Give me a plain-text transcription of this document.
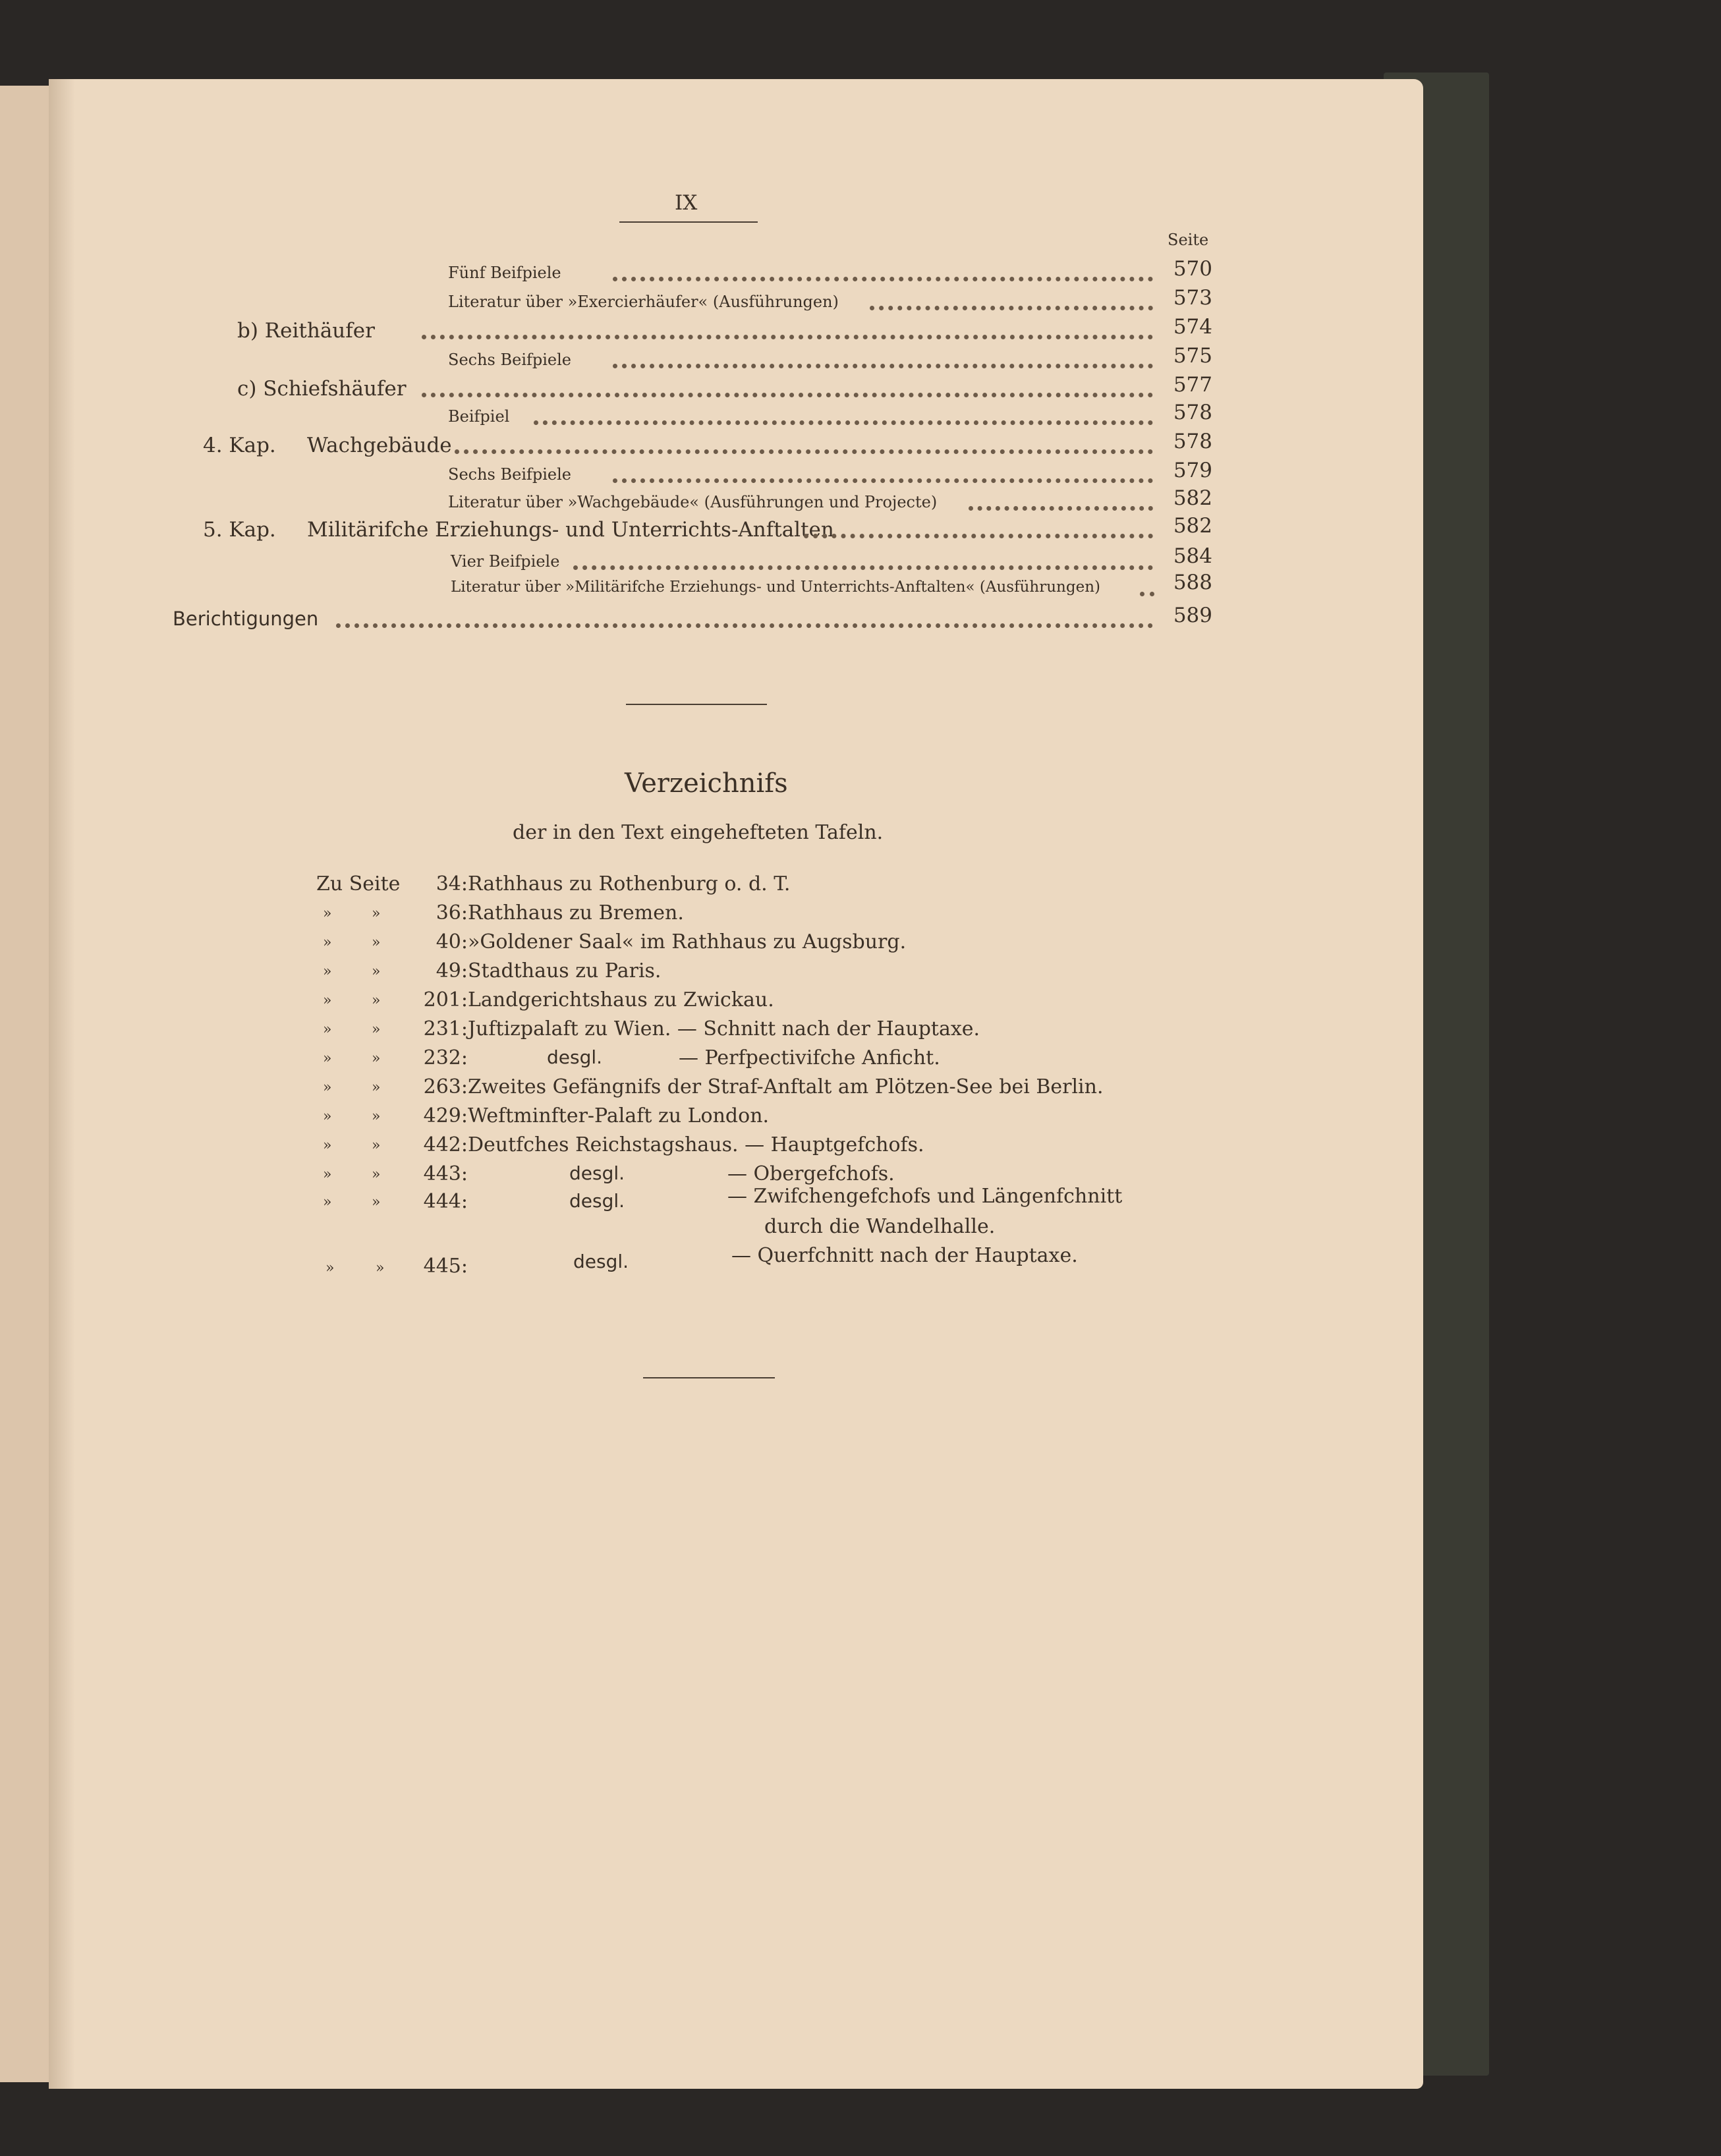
IX
Seite
Fünf Beifpiele	570
Literatur über »Exercierhäufer« (Ausführungen)	573
b) Reithäufer	574
Sechs Beifpiele	575
c) Schiefshäufer	577
Beifpiel	578
4. Kap. Wachgebäude	578
Sechs Beifpiele	579
Literatur über »Wachgebäude« (Ausführungen und Projecte)	582
5. Kap. Militärifche Erziehungs- und Unterrichts-Anftalten	582
Vier Beifpiele	584
Literatur über »Militärifche Erziehungs- und Unterrichts-Anftalten« (Ausführungen)	588
Berichtigungen	589
Verzeichnifs
der in den Text eingehefteten Tafeln.
Zu Seite	34: Rathhaus zu Rothenburg o. d. T.
»	»	36: Rathhaus zu Bremen.
»	»	40: »Goldener Saal« im Rathhaus zu Augsburg.
»	»	49: Stadthaus zu Paris.
»	»	201: Landgerichtshaus zu Zwickau.
»	»	231: Juftizpalaft zu Wien. — Schnitt nach der Hauptaxe.
»	»	232:	desgl.	— Perfpectivifche Anficht.
»	»	263: Zweites Gefängnifs der Straf-Anftalt am Plötzen-See bei Berlin.
»	»	429: Weftminfter-Palaft zu London.
»	»	442: Deutfches Reichstagshaus. — Hauptgefchofs.
»	»	443:	desgl.	— Obergefchofs.
»	»	444:	desgl.	— Zwifchengefchofs und Längenfchnitt
durch die Wandelhalle.
»	»	445:	desgl.	— Querfchnitt nach der Hauptaxe.
